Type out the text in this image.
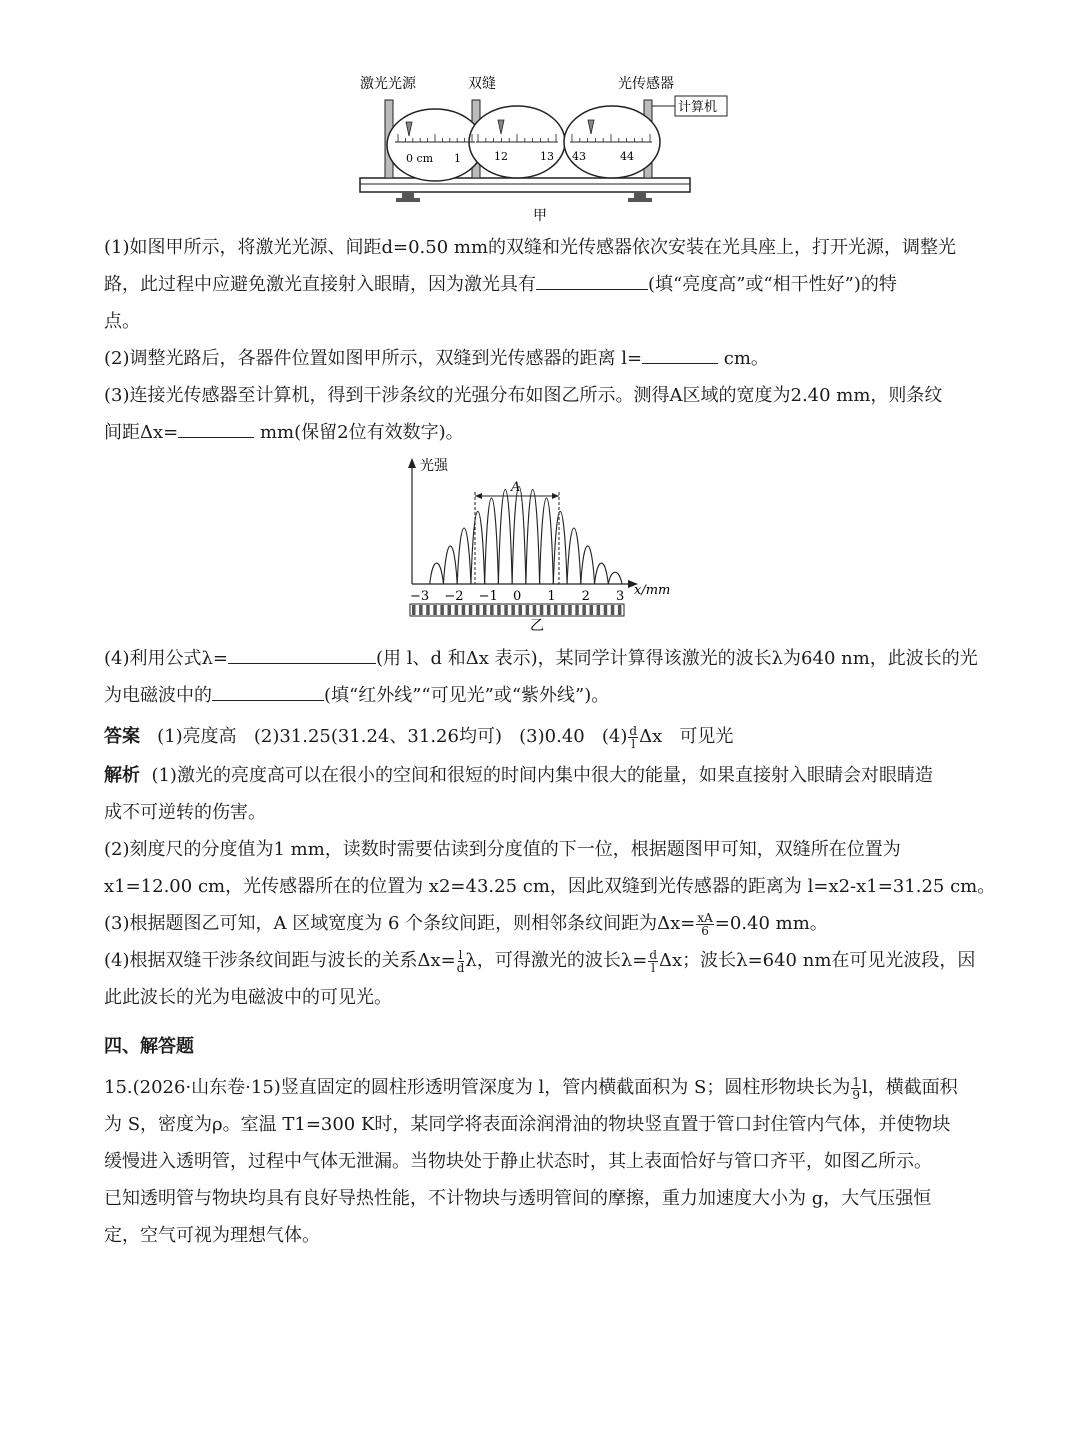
激光光源	双缝	光传感器
计算机
0 cm 1	12	13 43	44
甲

(1)如图甲所示，将激光光源、间距d=0.50 mm的双缝和光传感器依次安装在光具座上，打开光源，调整光
路，此过程中应避免激光直接射入眼睛，因为激光具有	(填“亮度高”或“相干性好”)的特
点。

(2)调整光路后，各器件位置如图甲所示，双缝到光传感器的距离 l=	cm。

(3)连接光传感器至计算机，得到干涉条纹的光强分布如图乙所示。测得A区域的宽度为2.40 mm，则条纹
间距Δx=	mm(保留2位有效数字)。

光强
A
−3 −2 −1 0 1 2 3 x/mm
乙

(4)利用公式λ=	(用 l、d 和Δx 表示)，某同学计算得该激光的波长λ为640 nm，此波长的光
为电磁波中的	(填“红外线”“可见光”或“紫外线”)。

答案 (1)亮度高 (2)31.25(31.24、31.26均可) (3)0.40 $(4) \frac{d}{l}$ Δx 可见光

解析 (1)激光的亮度高可以在很小的空间和很短的时间内集中很大的能量，如果直接射入眼睛会对眼睛造
成不可逆转的伤害。
(2)刻度尺的分度值为1 mm，读数时需要估读到分度值的下一位，根据题图甲可知，双缝所在位置为
x1=12.00 cm，光传感器所在的位置为 x2=43.25 cm，因此双缝到光传感器的距离为 l=x2-x1=31.25 cm。
(3)根据题图乙可知，A 区域宽度为 6 个条纹间距，则相邻条纹间距为$\Delta x= \frac{xA}{6} =0.40$ mm。
(4)根据双缝干涉条纹间距与波长的关系$\Delta x= \frac{l}{d}$ λ，可得激光的波长$\lambda= \frac{d}{l}$ Δx；波长λ=640 nm在可见光波段，因
此此波长的光为电磁波中的可见光。

四、解答题

15.(2026·山东卷·15)竖直固定的圆柱形透明管深度为 l，管内横截面积为 S；圆柱形物块长为 $\frac{1}{9}$ l，横截面积
为 S，密度为ρ。室温 T1=300 K时，某同学将表面涂润滑油的物块竖直置于管口封住管内气体，并使物块
缓慢进入透明管，过程中气体无泄漏。当物块处于静止状态时，其上表面恰好与管口齐平，如图乙所示。
已知透明管与物块均具有良好导热性能，不计物块与透明管间的摩擦，重力加速度大小为 g，大气压强恒
定，空气可视为理想气体。
